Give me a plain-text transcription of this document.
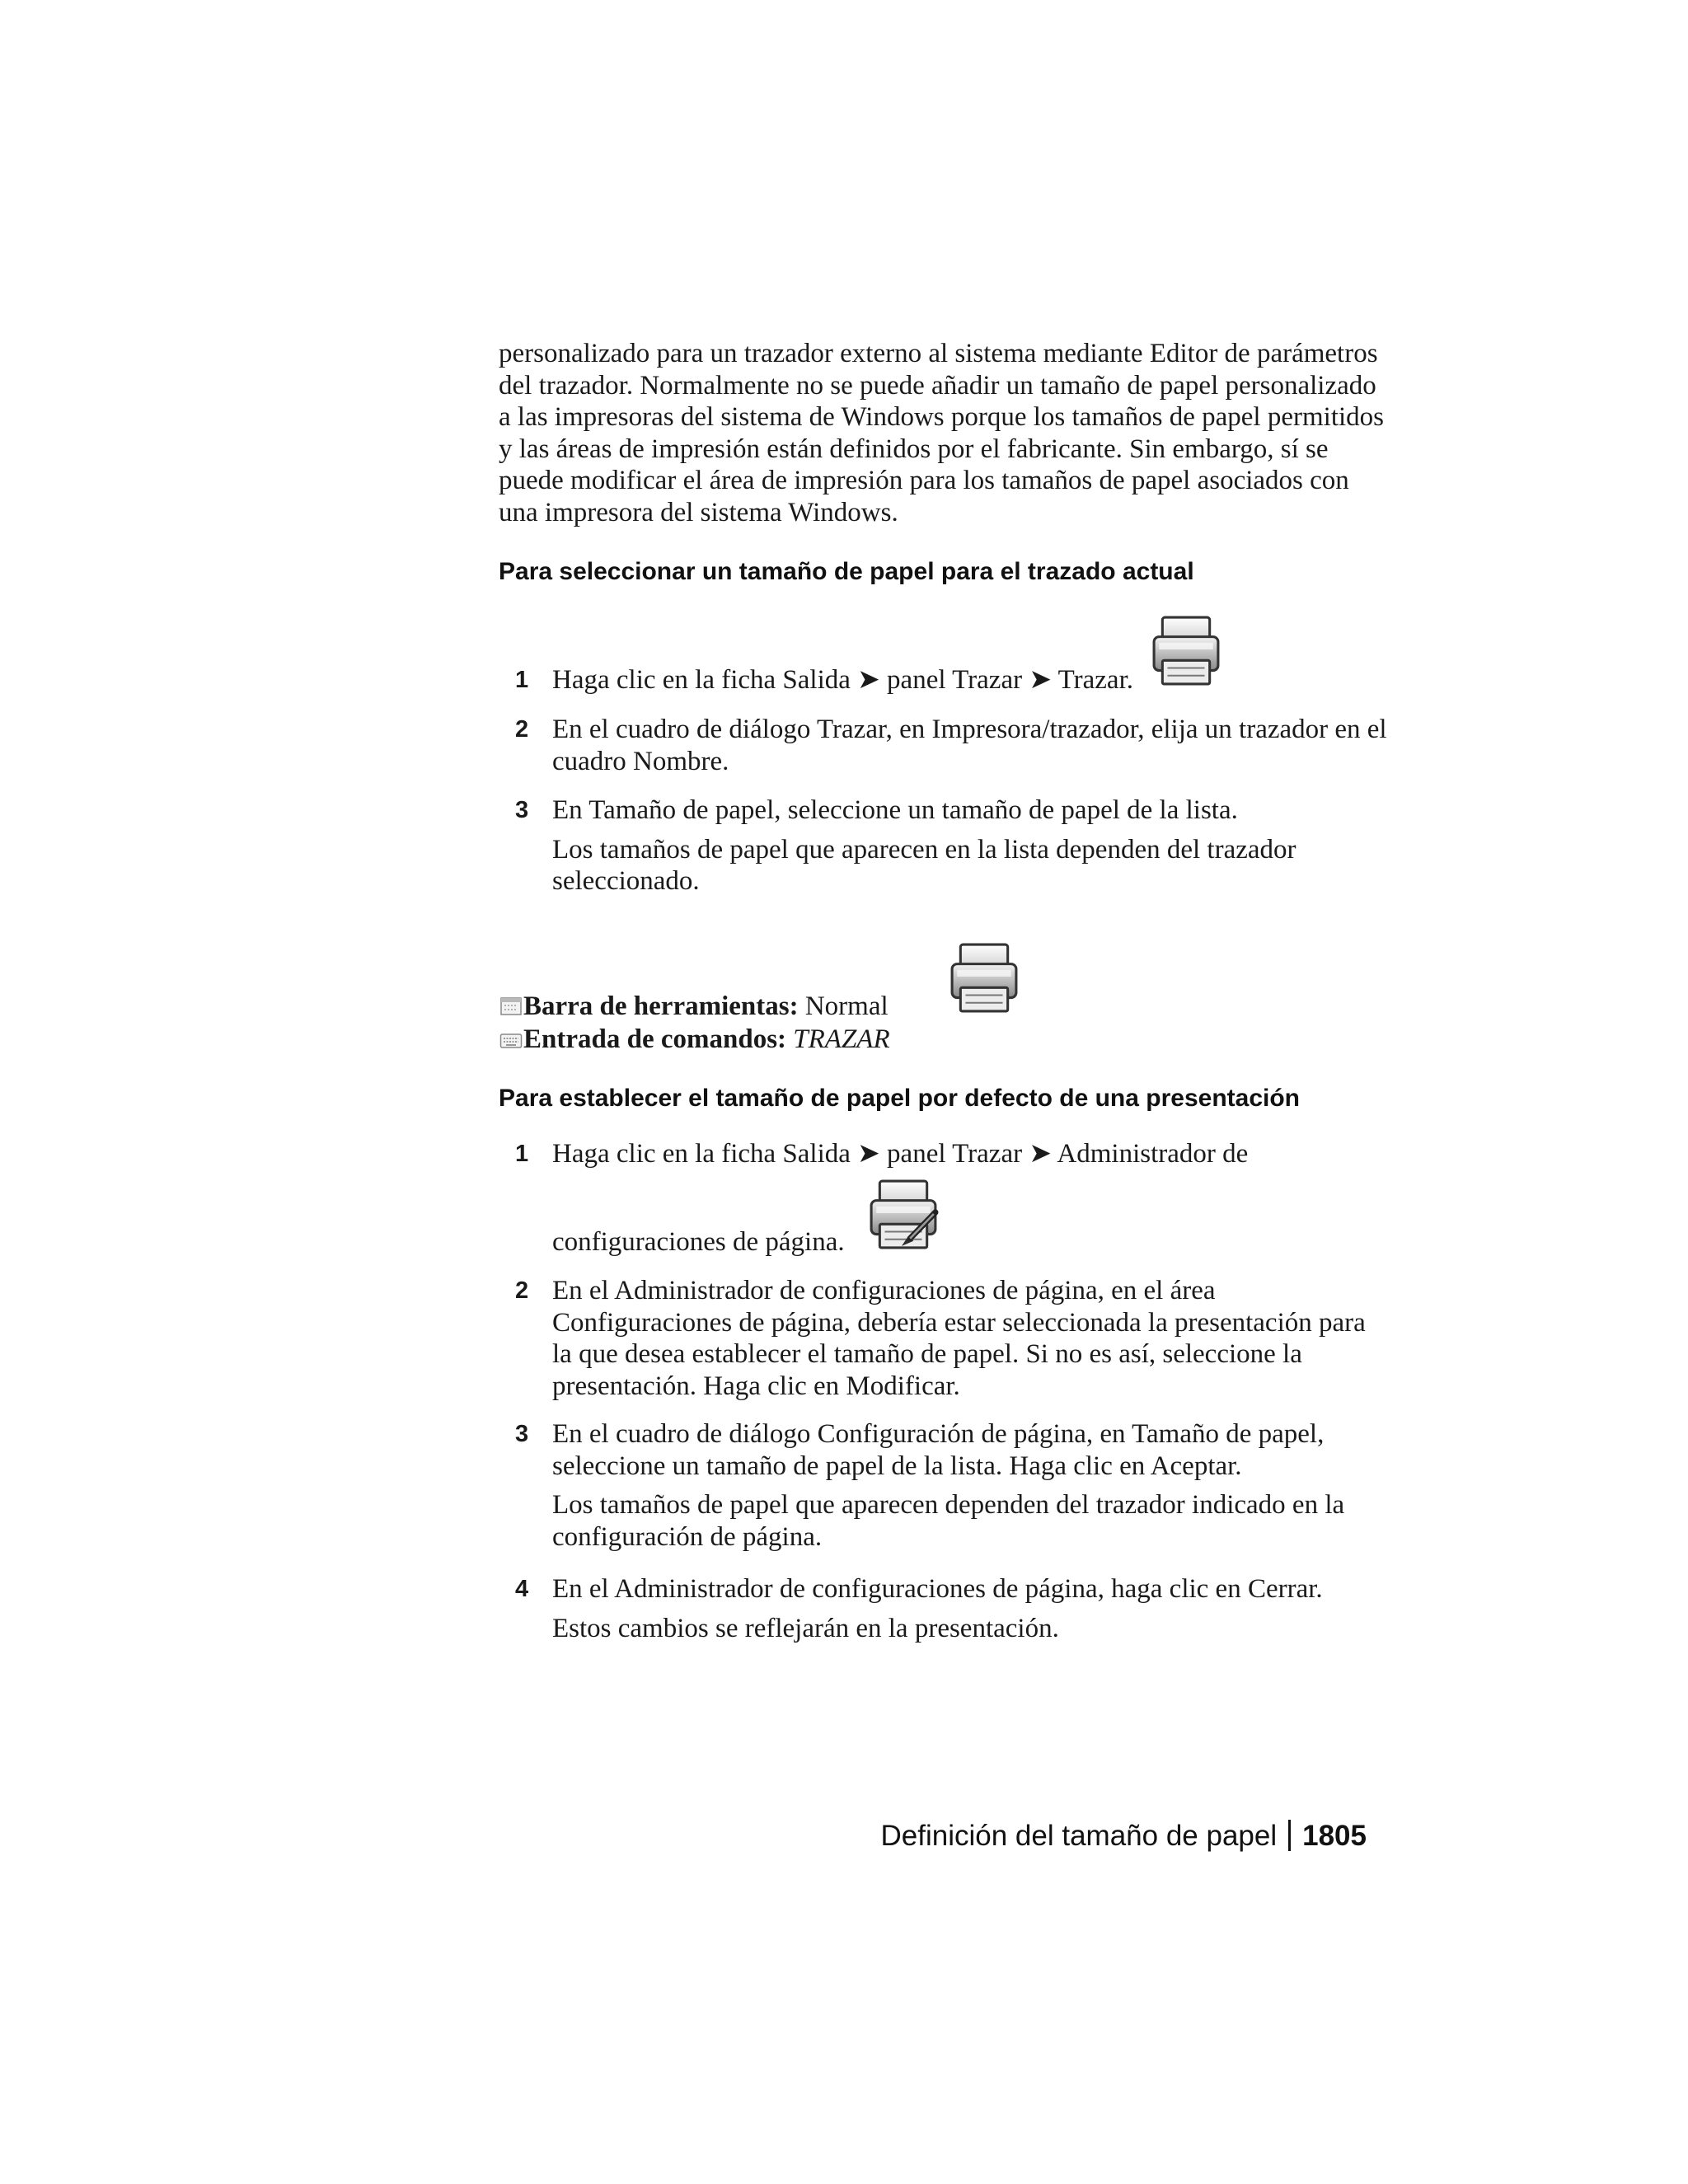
personalizado para un trazador externo al sistema mediante Editor de parámetros del trazador. Normalmente no se puede añadir un tamaño de papel personalizado a las impresoras del sistema de Windows porque los tamaños de papel permitidos y las áreas de impresión están definidos por el fabricante. Sin embargo, sí se puede modificar el área de impresión para los tamaños de papel asociados con una impresora del sistema Windows.

Para seleccionar un tamaño de papel para el trazado actual
1 Haga clic en la ficha Salida ➤ panel Trazar ➤ Trazar.
2 En el cuadro de diálogo Trazar, en Impresora/trazador, elija un trazador en el cuadro Nombre.
3 En Tamaño de papel, seleccione un tamaño de papel de la lista.
Los tamaños de papel que aparecen en la lista dependen del trazador seleccionado.
Barra de herramientas: Normal
Entrada de comandos: TRAZAR
Para establecer el tamaño de papel por defecto de una presentación
1 Haga clic en la ficha Salida ➤ panel Trazar ➤ Administrador de
configuraciones de página.
2 En el Administrador de configuraciones de página, en el área Configuraciones de página, debería estar seleccionada la presentación para la que desea establecer el tamaño de papel. Si no es así, seleccione la presentación. Haga clic en Modificar.
3 En el cuadro de diálogo Configuración de página, en Tamaño de papel, seleccione un tamaño de papel de la lista. Haga clic en Aceptar.
Los tamaños de papel que aparecen dependen del trazador indicado en la configuración de página.
4 En el Administrador de configuraciones de página, haga clic en Cerrar.
Estos cambios se reflejarán en la presentación.
Definición del tamaño de papel 1805
